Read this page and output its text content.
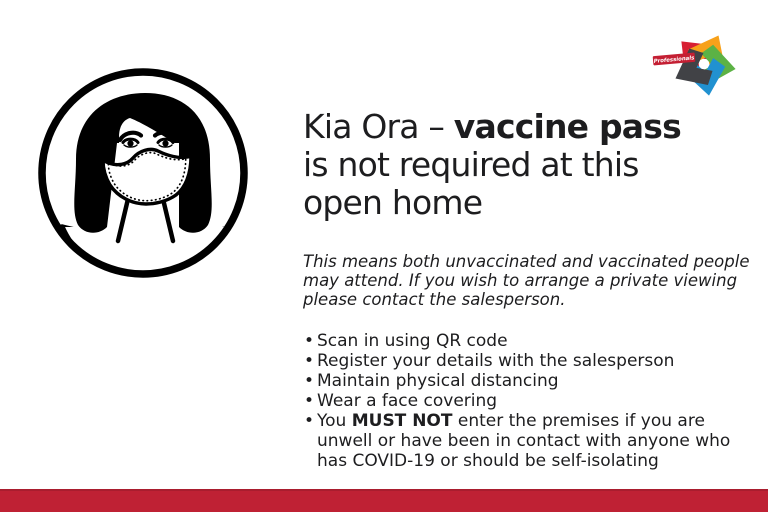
Professionals
Kia Ora – vaccine pass
is not required at this
open home

This means both unvaccinated and vaccinated people
may attend. If you wish to arrange a private viewing
please contact the salesperson.

• Scan in using QR code
• Register your details with the salesperson
• Maintain physical distancing
• Wear a face covering
• You MUST NOT enter the premises if you are
unwell or have been in contact with anyone who
has COVID-19 or should be self-isolating
